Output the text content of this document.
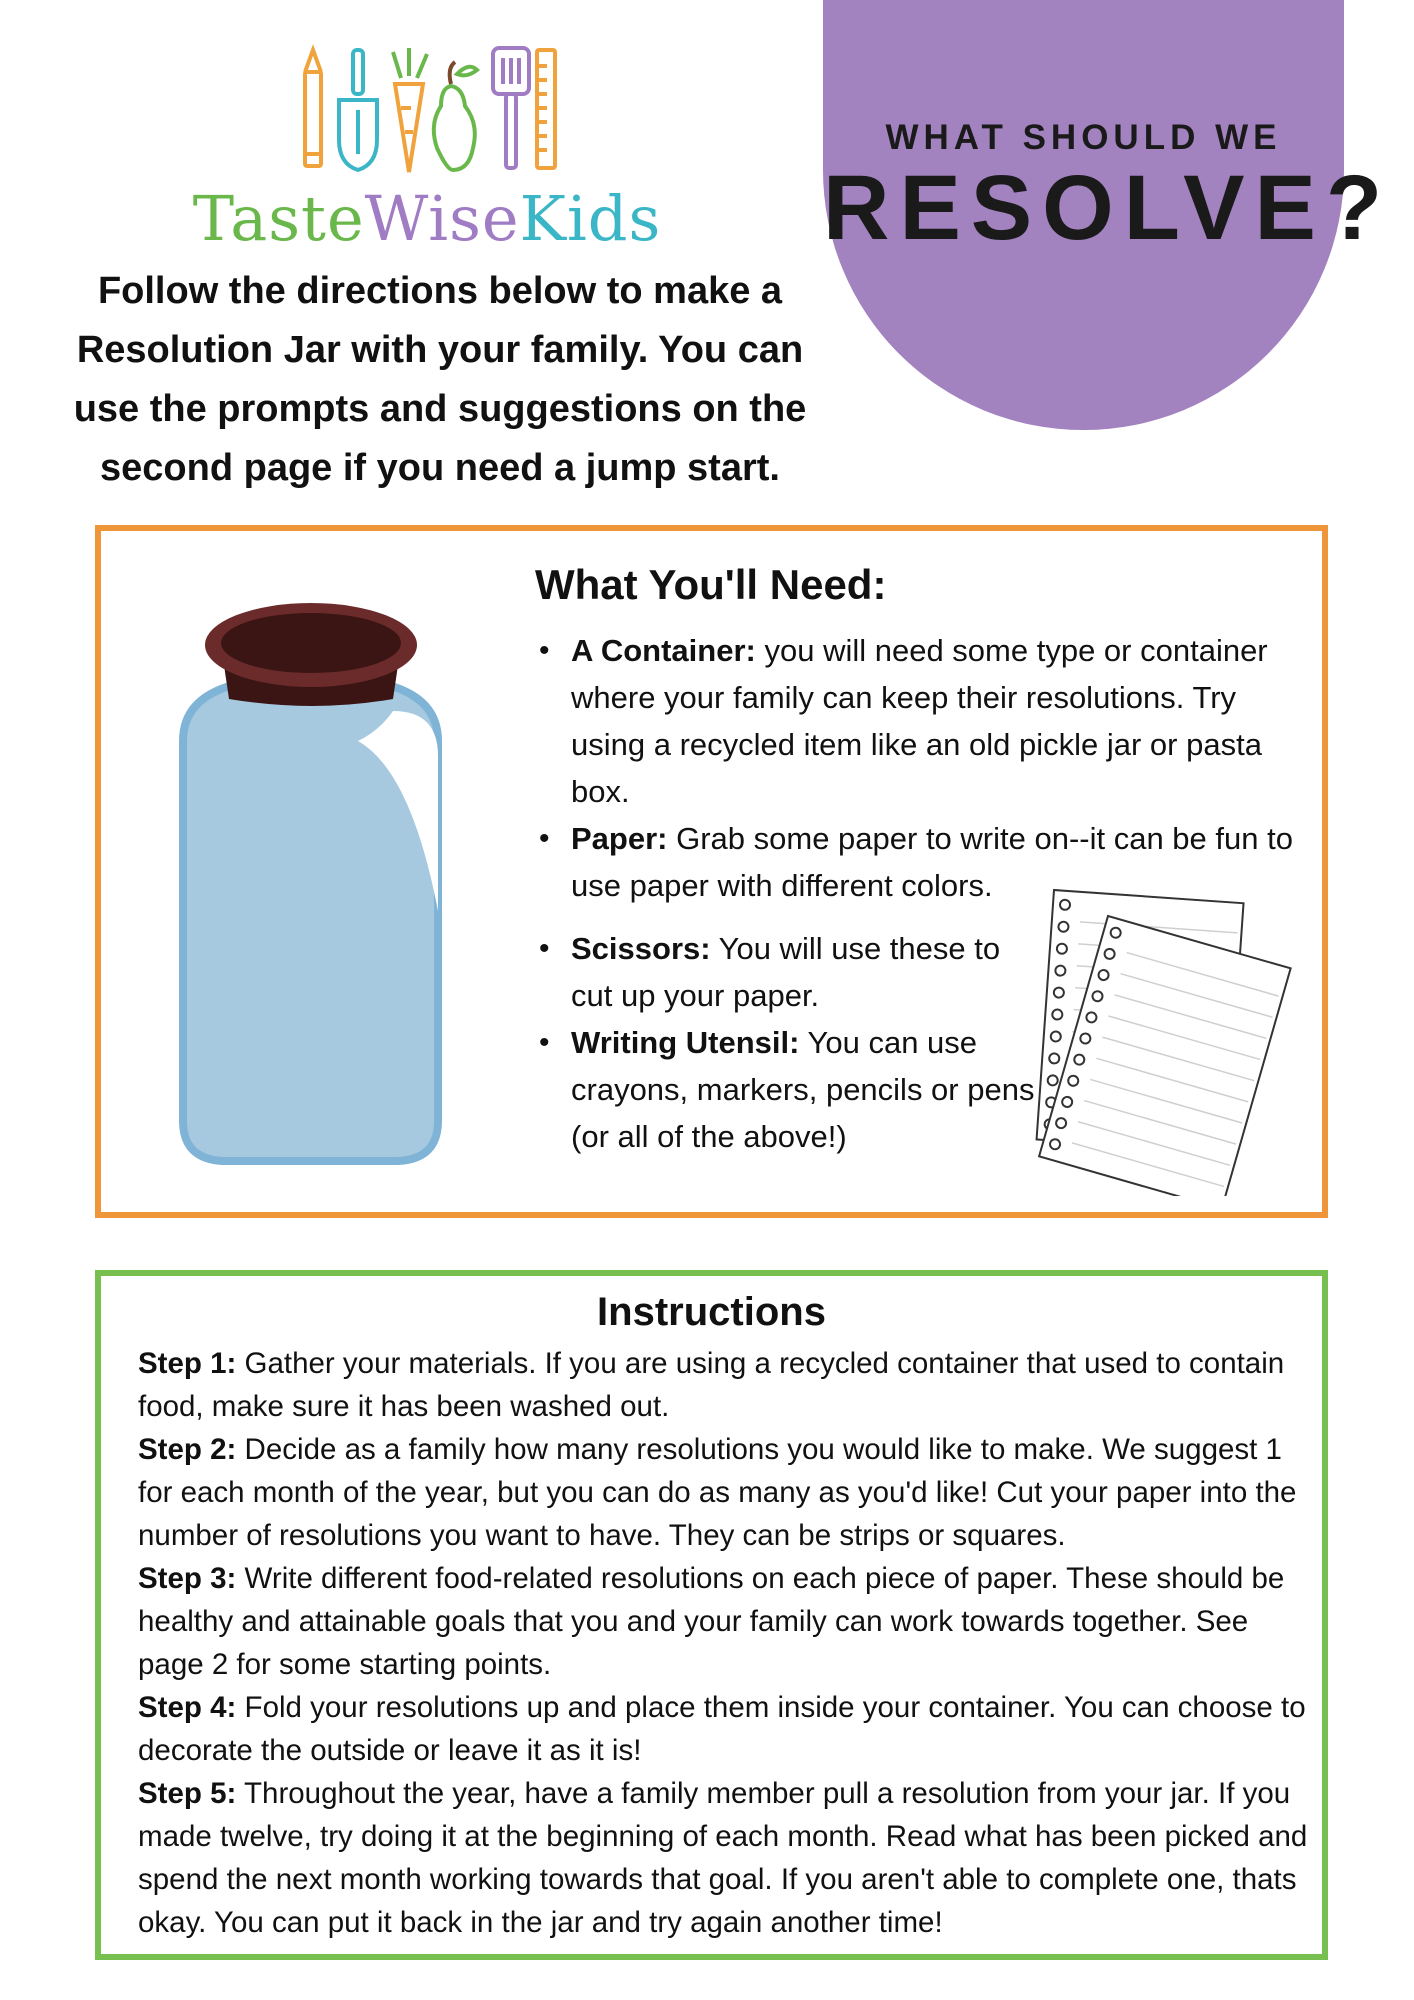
TasteWiseKids

Follow the directions below to make a
Resolution Jar with your family. You can
use the prompts and suggestions on the
second page if you need a jump start.

WHAT SHOULD WE
RESOLVE?
What You'll Need:
• A Container: you will need some type or container where your family can keep their resolutions. Try using a recycled item like an old pickle jar or pasta box.
• Paper: Grab some paper to write on--it can be fun to use paper with different colors.
• Scissors: You will use these to cut up your paper.
• Writing Utensil: You can use crayons, markers, pencils or pens (or all of the above!)
Instructions

Step 1: Gather your materials. If you are using a recycled container that used to contain food, make sure it has been washed out.

Step 2: Decide as a family how many resolutions you would like to make. We suggest 1 for each month of the year, but you can do as many as you'd like! Cut your paper into the number of resolutions you want to have. They can be strips or squares.

Step 3: Write different food-related resolutions on each piece of paper. These should be healthy and attainable goals that you and your family can work towards together. See page 2 for some starting points.

Step 4: Fold your resolutions up and place them inside your container. You can choose to decorate the outside or leave it as it is!

Step 5: Throughout the year, have a family member pull a resolution from your jar. If you made twelve, try doing it at the beginning of each month. Read what has been picked and spend the next month working towards that goal. If you aren't able to complete one, thats okay. You can put it back in the jar and try again another time!
